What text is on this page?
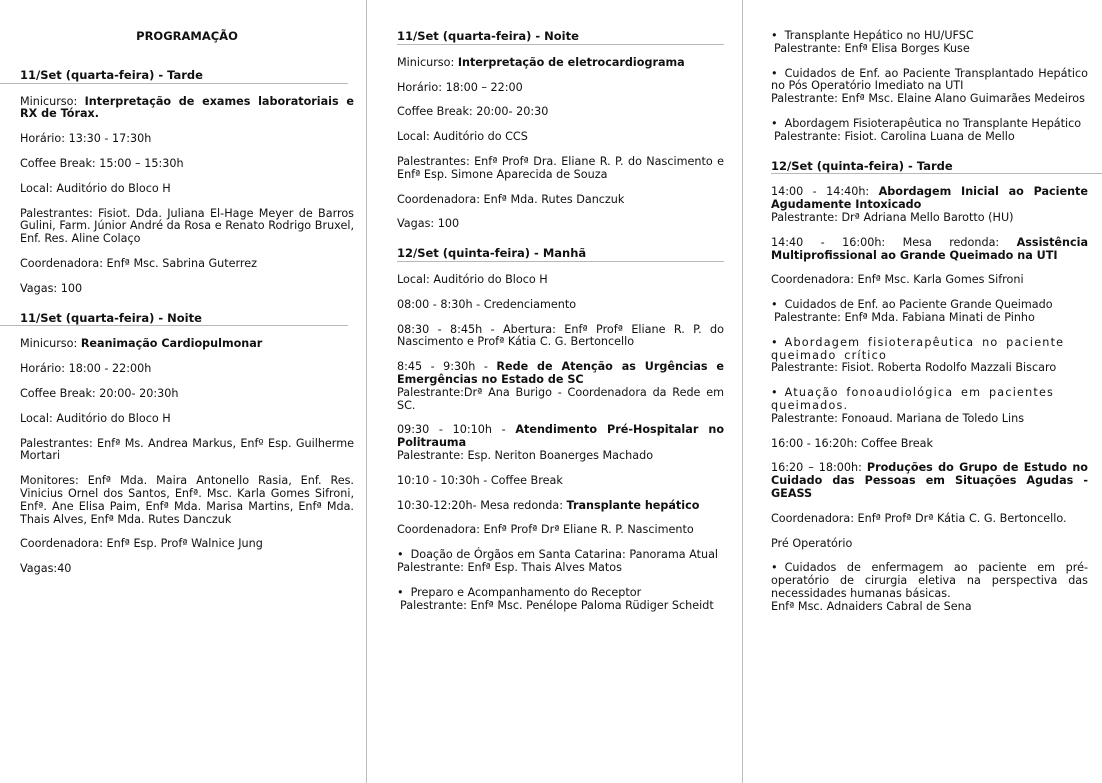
PROGRAMAÇÃO
11/Set (quarta-feira) - Tarde

Minicurso: Interpretação de exames laboratoriais e RX de Tórax.

Horário: 13:30 - 17:30h

Coffee Break: 15:00 – 15:30h

Local: Auditório do Bloco H

Palestrantes: Fisiot. Dda. Juliana El-Hage Meyer de Barros Gulini, Farm. Júnior André da Rosa e Renato Rodrigo Bruxel, Enf. Res. Aline Colaço

Coordenadora: Enfª Msc. Sabrina Guterrez

Vagas: 100

11/Set (quarta-feira) - Noite

Minicurso: Reanimação Cardiopulmonar

Horário: 18:00 - 22:00h

Coffee Break: 20:00- 20:30h

Local: Auditório do Bloco H

Palestrantes: Enfª Ms. Andrea Markus, Enfº Esp. Guilherme Mortari

Monitores: Enfª Mda. Maira Antonello Rasia, Enf. Res. Vinicius Ornel dos Santos, Enfª. Msc. Karla Gomes Sifroni, Enfª. Ane Elisa Paim, Enfª Mda. Marisa Martins, Enfª Mda. Thais Alves, Enfª Mda. Rutes Danczuk

Coordenadora: Enfª Esp. Profª Walnice Jung

Vagas:40

11/Set (quarta-feira) - Noite

Minicurso: Interpretação de eletrocardiograma

Horário: 18:00 – 22:00

Coffee Break: 20:00- 20:30

Local: Auditório do CCS

Palestrantes: Enfª Profª Dra. Eliane R. P. do Nascimento e Enfª Esp. Simone Aparecida de Souza

Coordenadora: Enfª Mda. Rutes Danczuk

Vagas: 100

12/Set (quinta-feira) - Manhã

Local: Auditório do Bloco H

08:00 - 8:30h - Credenciamento

08:30 - 8:45h - Abertura: Enfª Profª Eliane R. P. do Nascimento e Profª Kátia C. G. Bertoncello

8:45 - 9:30h - Rede de Atenção as Urgências e Emergências no Estado de SC
Palestrante:Drª Ana Burigo - Coordenadora da Rede em SC.

09:30 - 10:10h - Atendimento Pré-Hospitalar no Politrauma
Palestrante: Esp. Neriton Boanerges Machado

10:10 - 10:30h - Coffee Break

10:30-12:20h- Mesa redonda: Transplante hepático

Coordenadora: Enfª Profª Drª Eliane R. P. Nascimento

• Doação de Órgãos em Santa Catarina: Panorama Atual
Palestrante: Enfª Esp. Thais Alves Matos

• Preparo e Acompanhamento do Receptor

Palestrante: Enfª Msc. Penélope Paloma Rüdiger Scheidt

• Transplante Hepático no HU/UFSC

Palestrante: Enfª Elisa Borges Kuse

• Cuidados de Enf. ao Paciente Transplantado Hepático no Pós Operatório Imediato na UTI
Palestrante: Enfª Msc. Elaine Alano Guimarães Medeiros

• Abordagem Fisioterapêutica no Transplante Hepático

Palestrante: Fisiot. Carolina Luana de Mello

12/Set (quinta-feira) - Tarde

14:00 - 14:40h: Abordagem Inicial ao Paciente Agudamente Intoxicado
Palestrante: Drª Adriana Mello Barotto (HU)

14:40 - 16:00h: Mesa redonda: Assistência Multiprofissional ao Grande Queimado na UTI

Coordenadora: Enfª Msc. Karla Gomes Sifroni

• Cuidados de Enf. ao Paciente Grande Queimado

Palestrante: Enfª Mda. Fabiana Minati de Pinho

• Abordagem fisioterapêutica no paciente queimado crítico
Palestrante: Fisiot. Roberta Rodolfo Mazzali Biscaro

• Atuação fonoaudiológica em pacientes queimados.
Palestrante: Fonoaud. Mariana de Toledo Lins

16:00 - 16:20h: Coffee Break

16:20 – 18:00h: Produções do Grupo de Estudo no Cuidado das Pessoas em Situações Agudas - GEASS

Coordenadora: Enfª Profª Drª Kátia C. G. Bertoncello.

Pré Operatório

• Cuidados de enfermagem ao paciente em pré-operatório de cirurgia eletiva na perspectiva das necessidades humanas básicas.
Enfª Msc. Adnaiders Cabral de Sena
